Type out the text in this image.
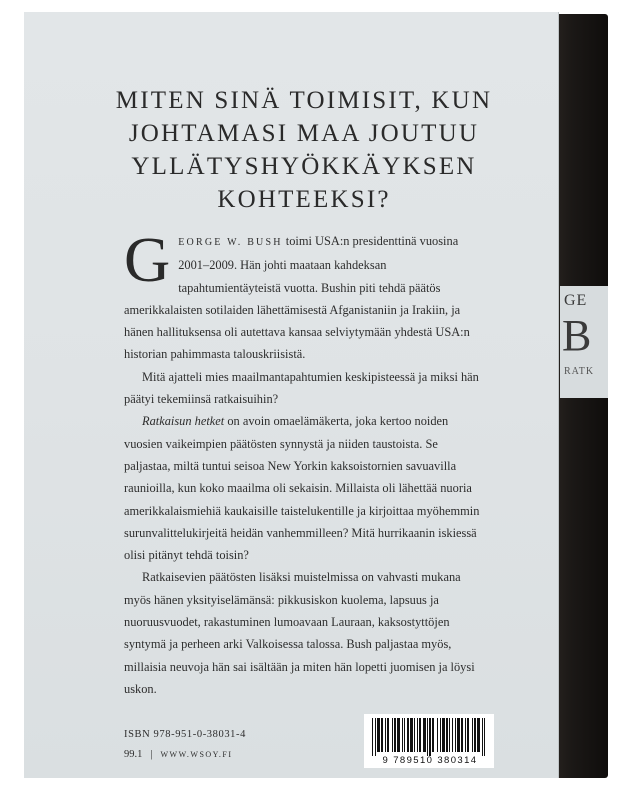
GE
B
RATK
MITEN SINÄ TOIMISIT, KUN
JOHTAMASI MAA JOUTUU
YLLÄTYSHYÖKKÄYKSEN
KOHTEEKSI?

GEORGE W. BUSH toimi USA:n presidenttinä vuosina 2001–2009. Hän johti maataan kahdeksan tapahtumientäyteistä vuotta. Bushin piti tehdä päätös amerikkalaisten sotilaiden lähettämisestä Afganistaniin ja Irakiin, ja hänen hallituksensa oli autettava kansaa selviytymään yhdestä USA:n historian pahimmasta talouskriisistä.

Mitä ajatteli mies maailmantapahtumien keskipisteessä ja miksi hän päätyi tekemiinsä ratkaisuihin?

Ratkaisun hetket on avoin omaelämäkerta, joka kertoo noiden vuosien vaikeimpien päätösten synnystä ja niiden taustoista. Se paljastaa, miltä tuntui seisoa New Yorkin kaksoistornien savuavilla raunioilla, kun koko maailma oli sekaisin. Millaista oli lähettää nuoria amerikkalaismiehiä kaukaisille taistelukentille ja kirjoittaa myöhemmin surunvalittelukirjeitä heidän vanhemmilleen? Mitä hurrikaanin iskiessä olisi pitänyt tehdä toisin?

Ratkaisevien päätösten lisäksi muistelmissa on vahvasti mukana myös hänen yksityiselämänsä: pikkusiskon kuolema, lapsuus ja nuoruusvuodet, rakastuminen lumoavaan Lauraan, kaksostyttöjen syntymä ja perheen arki Valkoisessa talossa. Bush paljastaa myös, millaisia neuvoja hän sai isältään ja miten hän lopetti juomisen ja löysi uskon.

ISBN 978-951-0-38031-4
99.1 | WWW.WSOY.FI
9 789510 380314
